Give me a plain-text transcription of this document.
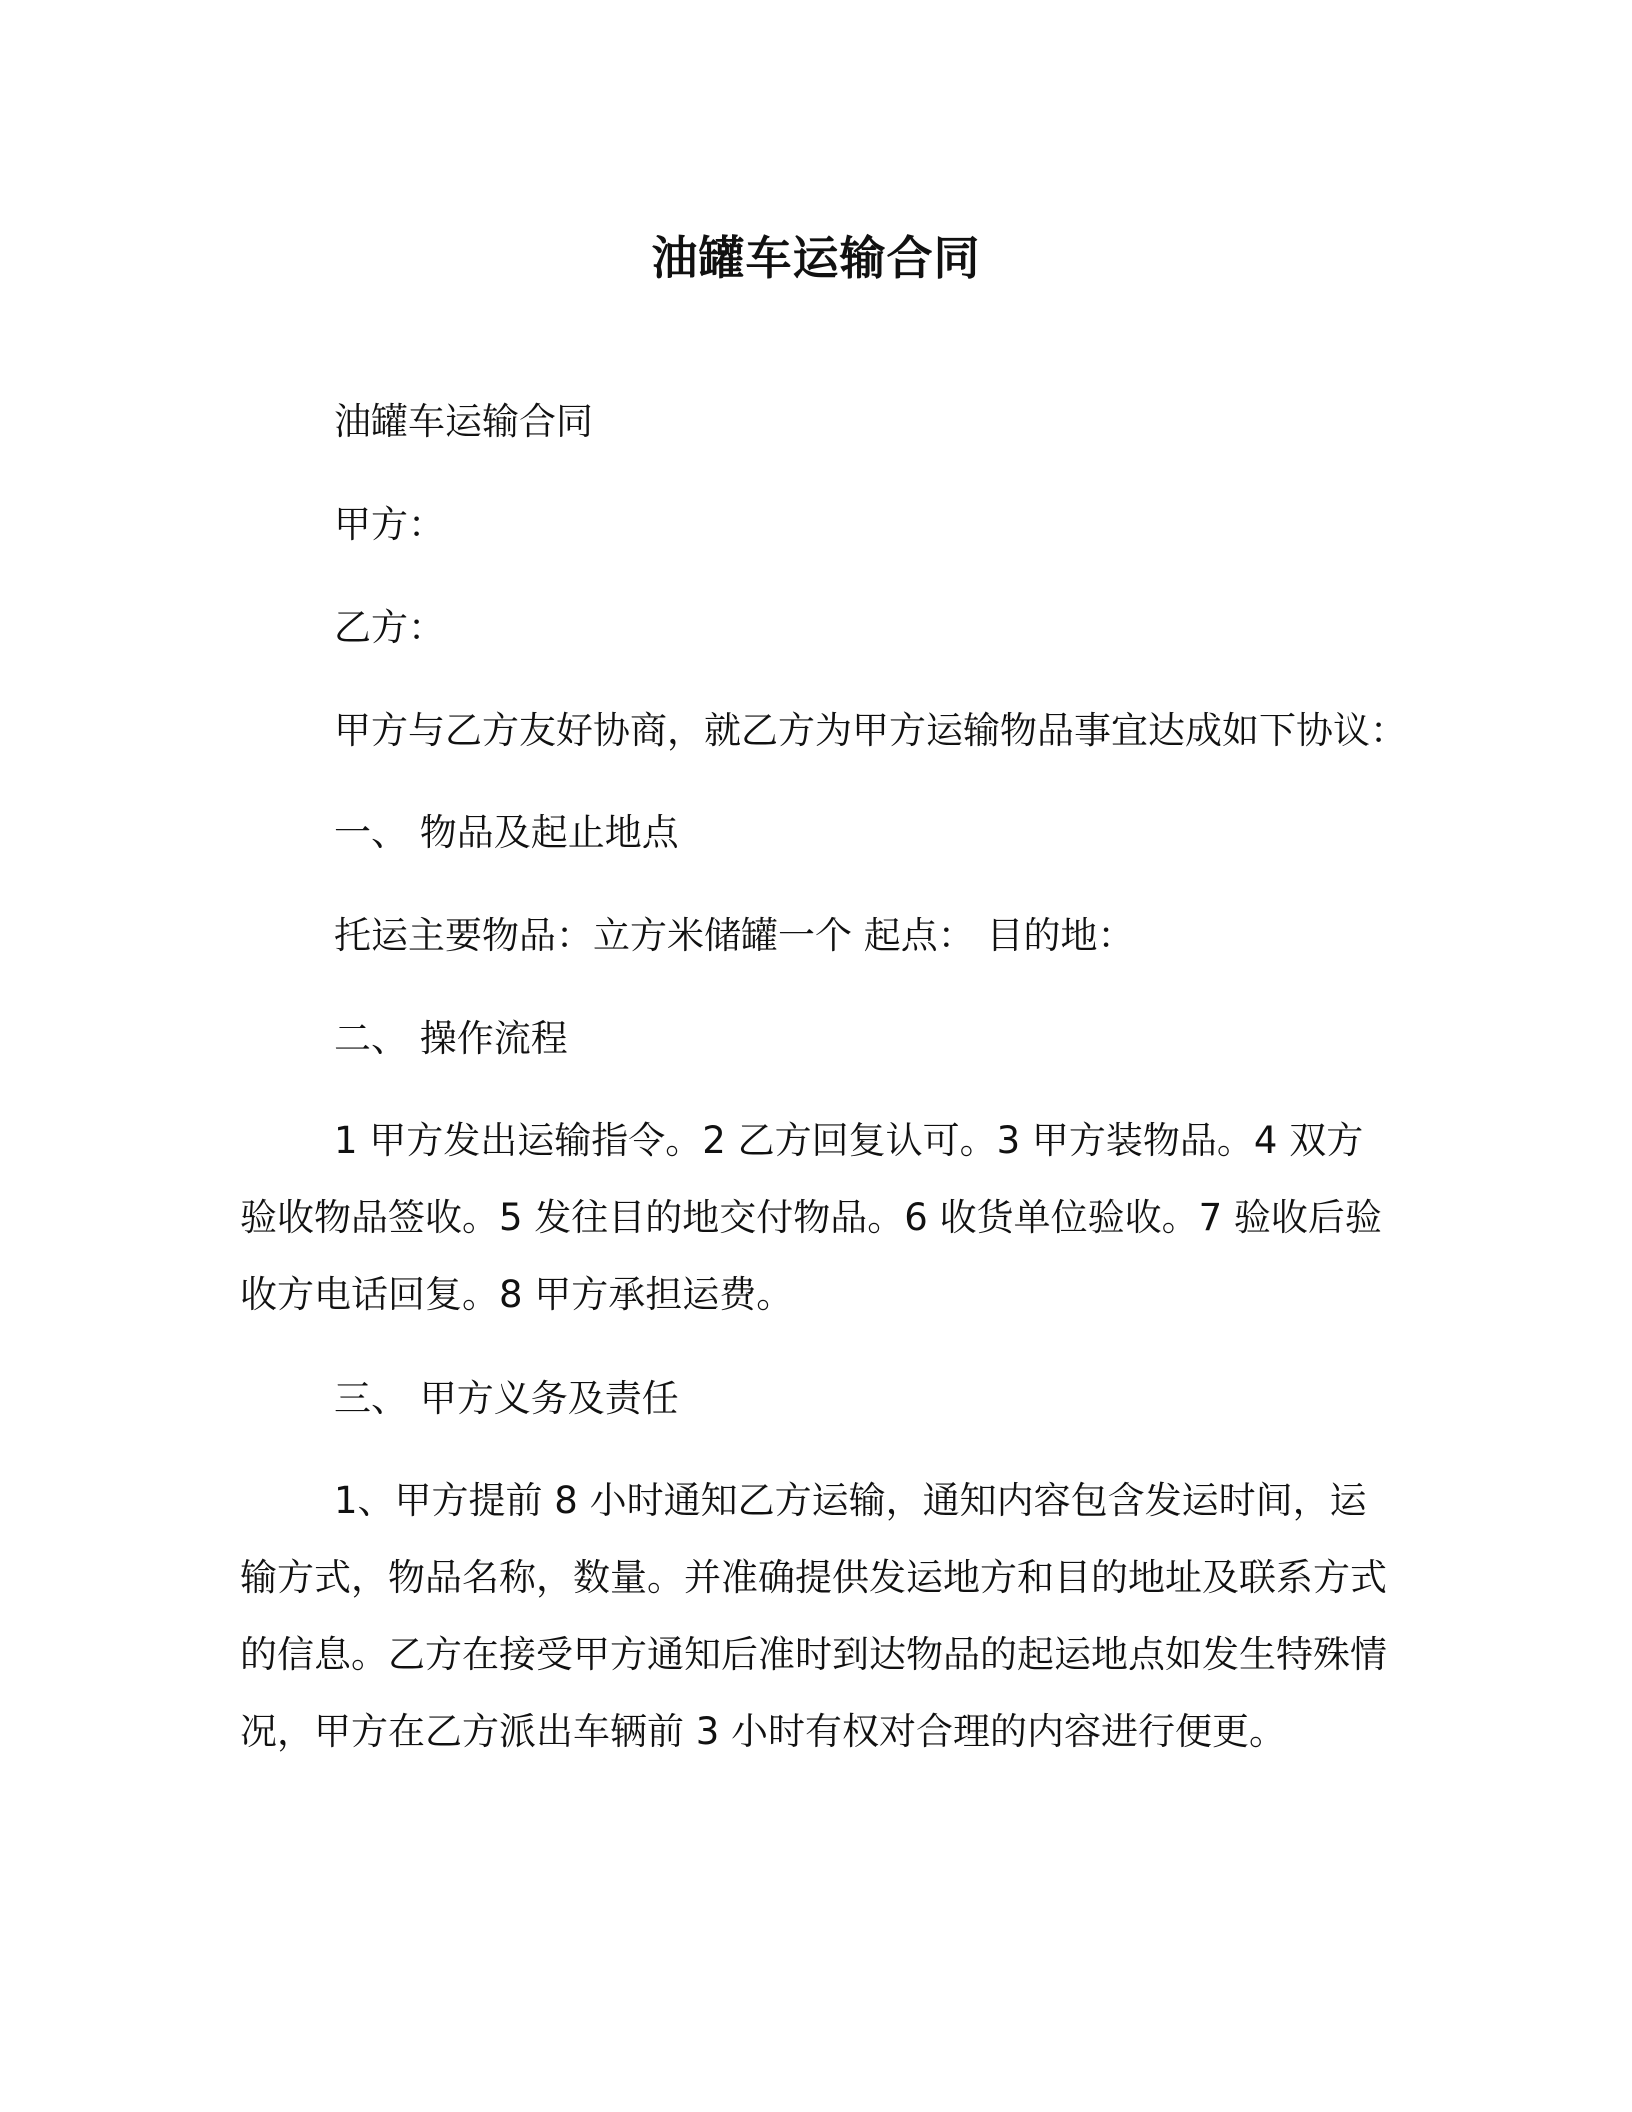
油罐车运输合同
油罐车运输合同
甲方：
乙方：
甲方与乙方友好协商，就乙方为甲方运输物品事宜达成如下协议：
一、 物品及起止地点
托运主要物品：立方米储罐一个 起点： 目的地：
二、 操作流程
1 甲方发出运输指令。2 乙方回复认可。3 甲方装物品。4 双方验收物品签收。5 发往目的地交付物品。6 收货单位验收。7 验收后验收方电话回复。8 甲方承担运费。
三、 甲方义务及责任
1、甲方提前 8 小时通知乙方运输，通知内容包含发运时间，运输方式，物品名称，数量。并准确提供发运地方和目的地址及联系方式的信息。乙方在接受甲方通知后准时到达物品的起运地点如发生特殊情况，甲方在乙方派出车辆前 3 小时有权对合理的内容进行便更。
